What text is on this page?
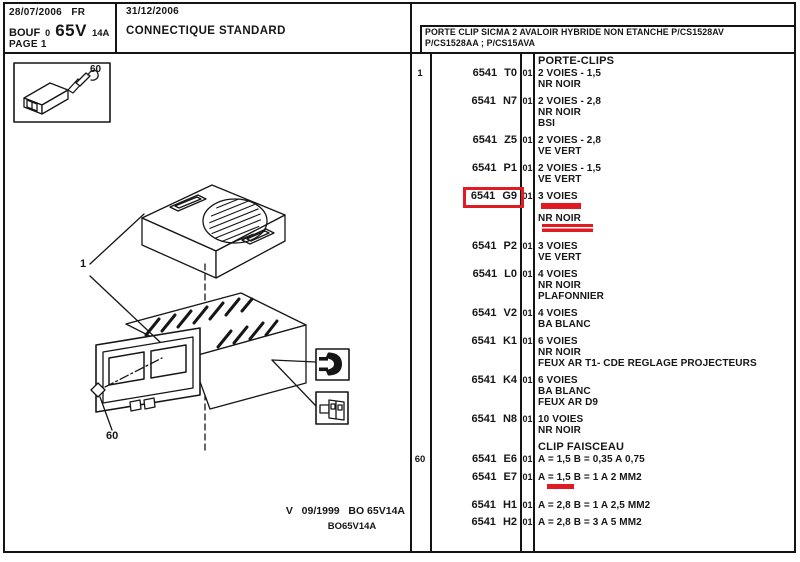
28/07/2006 FR
BOUF 0 65V 14A
PAGE 1
31/12/2006
CONNECTIQUE STANDARD	PORTE CLIP SICMA 2 AVALOIR HYBRIDE NON ETANCHE P/CS1528AV
P/CS1528AA ; P/CS15AVA
60
1
60
V   09/1999   BO 65V14A
BO65V14A
PORTE-CLIPS
1	6541 T0 01 2 VOIES - 1,5
NR NOIR
6541 N7 01 2 VOIES - 2,8
NR NOIR
BSI
6541 Z5 01 2 VOIES - 2,8
VE VERT
6541 P1 01 2 VOIES - 1,5
VE VERT
6541 G9 01 3 VOIES
NR NOIR
6541 P2 01 3 VOIES
VE VERT
6541 L0 01 4 VOIES
NR NOIR
PLAFONNIER
6541 V2 01 4 VOIES
BA BLANC
6541 K1 01 6 VOIES
NR NOIR
FEUX AR T1- CDE REGLAGE PROJECTEURS
6541 K4 01 6 VOIES
BA BLANC
FEUX AR D9
6541 N8 01 10 VOIES
NR NOIR
CLIP FAISCEAU
60	6541 E6 01 A = 1,5 B = 0,35 A 0,75
6541 E7 01 A = 1,5 B = 1 A 2 MM2
6541 H1 01 A = 2,8 B = 1 A 2,5 MM2
6541 H2 01 A = 2,8 B = 3 A 5 MM2
